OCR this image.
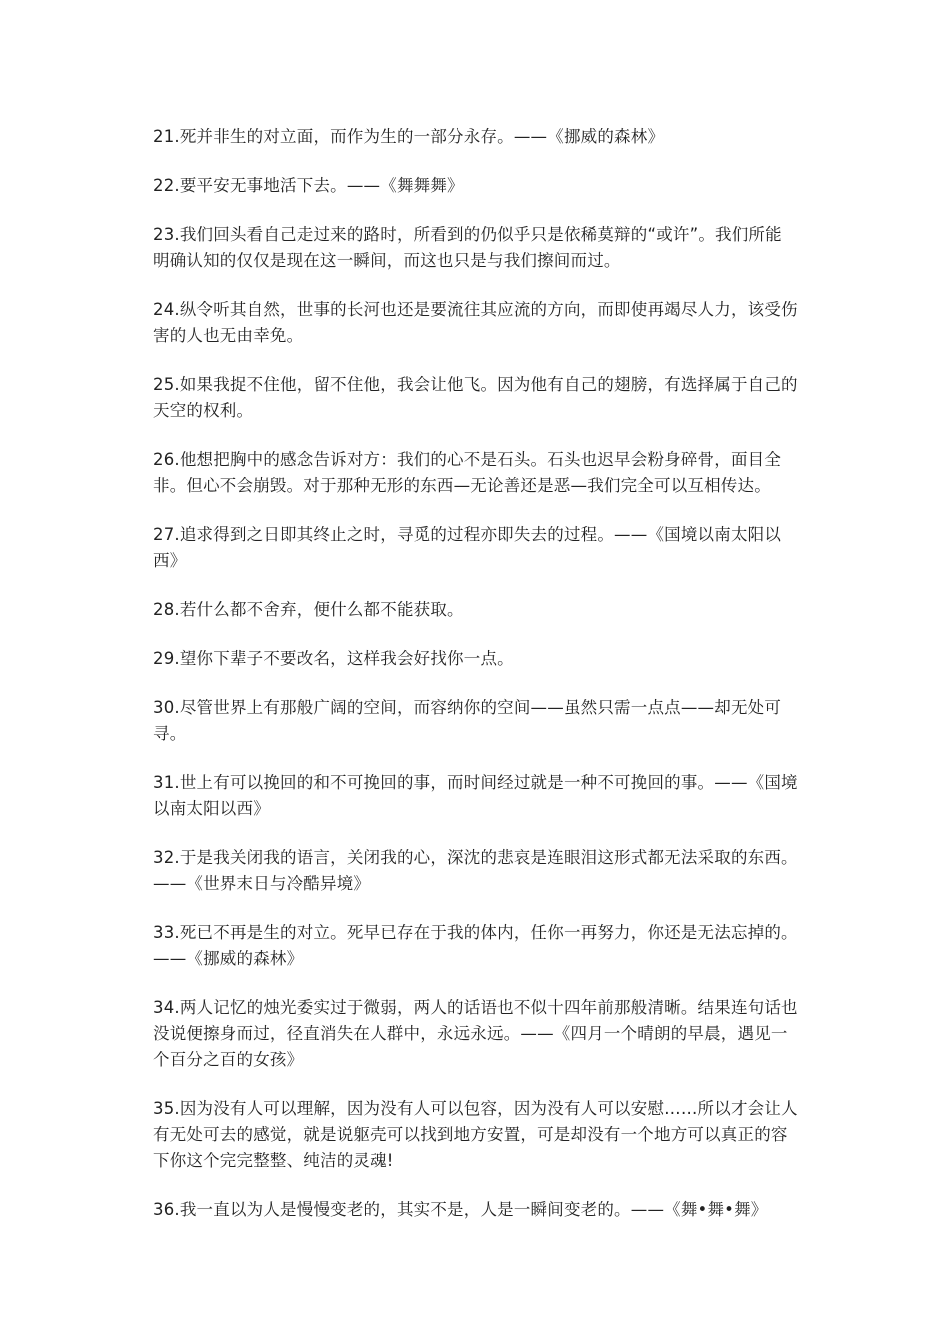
21.死并非生的对立面，而作为生的一部分永存。——《挪威的森林》

22.要平安无事地活下去。——《舞舞舞》

23.我们回头看自己走过来的路时，所看到的仍似乎只是依稀莫辩的“或许”。我们所能明确认知的仅仅是现在这一瞬间，而这也只是与我们擦间而过。

24.纵令听其自然，世事的长河也还是要流往其应流的方向，而即使再竭尽人力，该受伤害的人也无由幸免。

25.如果我捉不住他，留不住他，我会让他飞。因为他有自己的翅膀，有选择属于自己的天空的权利。

26.他想把胸中的感念告诉对方：我们的心不是石头。石头也迟早会粉身碎骨，面目全非。但心不会崩毁。对于那种无形的东西—无论善还是恶—我们完全可以互相传达。

27.追求得到之日即其终止之时，寻觅的过程亦即失去的过程。——《国境以南太阳以西》

28.若什么都不舍弃，便什么都不能获取。

29.望你下辈子不要改名，这样我会好找你一点。

30.尽管世界上有那般广阔的空间，而容纳你的空间——虽然只需一点点——却无处可寻。

31.世上有可以挽回的和不可挽回的事，而时间经过就是一种不可挽回的事。——《国境以南太阳以西》

32.于是我关闭我的语言，关闭我的心，深沈的悲哀是连眼泪这形式都无法采取的东西。——《世界末日与冷酷异境》

33.死已不再是生的对立。死早已存在于我的体内，任你一再努力，你还是无法忘掉的。——《挪威的森林》

34.两人记忆的烛光委实过于微弱，两人的话语也不似十四年前那般清晰。结果连句话也没说便擦身而过，径直消失在人群中，永远永远。——《四月一个晴朗的早晨，遇见一个百分之百的女孩》

35.因为没有人可以理解，因为没有人可以包容，因为没有人可以安慰……所以才会让人有无处可去的感觉，就是说躯壳可以找到地方安置，可是却没有一个地方可以真正的容下你这个完完整整、纯洁的灵魂!

36.我一直以为人是慢慢变老的，其实不是，人是一瞬间变老的。——《舞•舞•舞》
